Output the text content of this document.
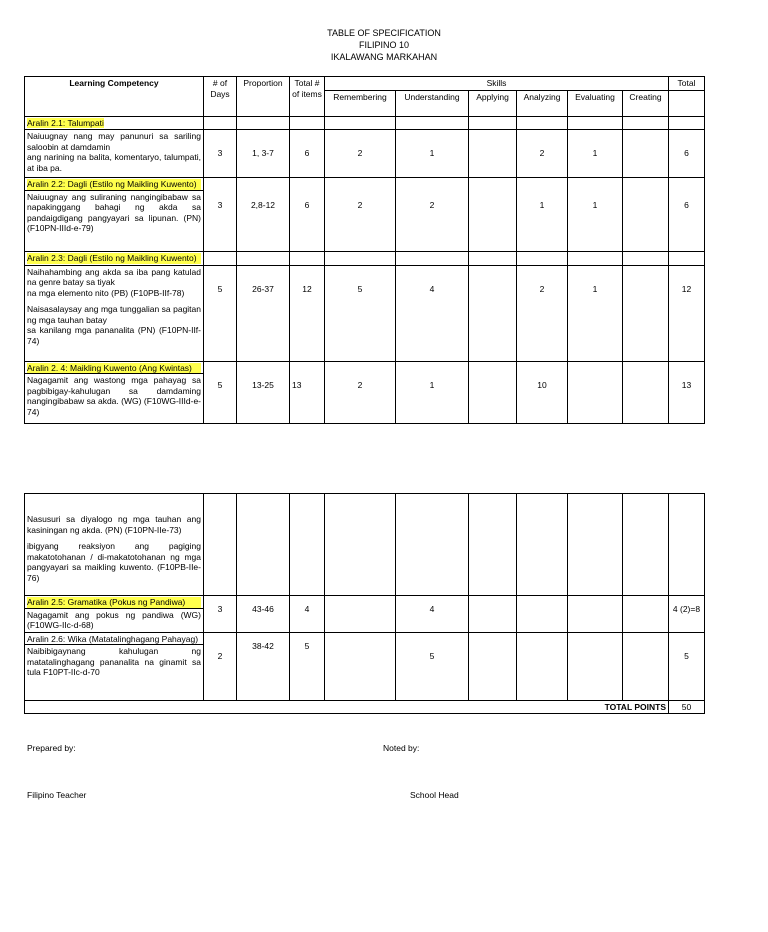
TABLE OF SPECIFICATION
FILIPINO 10
IKALAWANG MARKAHAN
Learning Competency	# of Days	Proportion	Total # of items	Skills						Total
				Remembering	Understanding	Applying	Analyzing	Evaluating	Creating	
Aralin 2.1: Talumpati										

Naiuugnay nang may panunuri sa sariling saloobin at damdamin
ang narining na balita, komentaryo, talumpati, at iba pa.	3	1, 3-7	6	2	1		2	1		6

Aralin 2.2: Dagli (Estilo ng Maikling Kuwento)
Naiuugnay ang suliraning nangingibabaw sa napakinggang bahagi ng akda sa pandaigdigang pangyayari sa lipunan. (PN) (F10PN-IIId-e-79)	3	2,8-12	6	2	2		1	1		6

Aralin 2.3: Dagli (Estilo ng Maikling Kuwento)										

Naihahambing ang akda sa iba pang katulad na genre batay sa tiyak
na mga elemento nito (PB) (F10PB-IIf-78)
Naisasalaysay ang mga tunggalian sa pagitan ng mga tauhan batay
sa kanilang mga pananalita (PN) (F10PN-IIf-74)	5	26-37	12	5	4		2	1		12

Aralin 2. 4: Maikling Kuwento (Ang Kwintas)
Nagagamit ang wastong mga pahayag sa pagbibigay-kahulugan sa damdaming nangingibabaw sa akda. (WG) (F10WG-IIId-e-74)	5	13-25	13	2	1		10			13
Nasusuri sa diyalogo ng mga tauhan ang kasiningan ng akda. (PN) (F10PN-IIe-73)
ibigyang reaksiyon ang pagiging makatotohanan / di-makatotohanan ng mga pangyayari sa maikling kuwento. (F10PB-IIe-76)										

Aralin 2.5: Gramatika (Pokus ng Pandiwa)
Nagagamit ang pokus ng pandiwa (WG) (F10WG-IIc-d-68)	3	43-46	4		4					4 (2)=8

Aralin 2.6: Wika (Matatalinghagang Pahayag)
Naibibigaynang kahulugan ng matatalinghagang pananalita na ginamit sa tula F10PT-IIc-d-70	2	38-42	5		5					5
TOTAL POINTS										50
Prepared by:	Noted by:
Filipino Teacher	School Head
